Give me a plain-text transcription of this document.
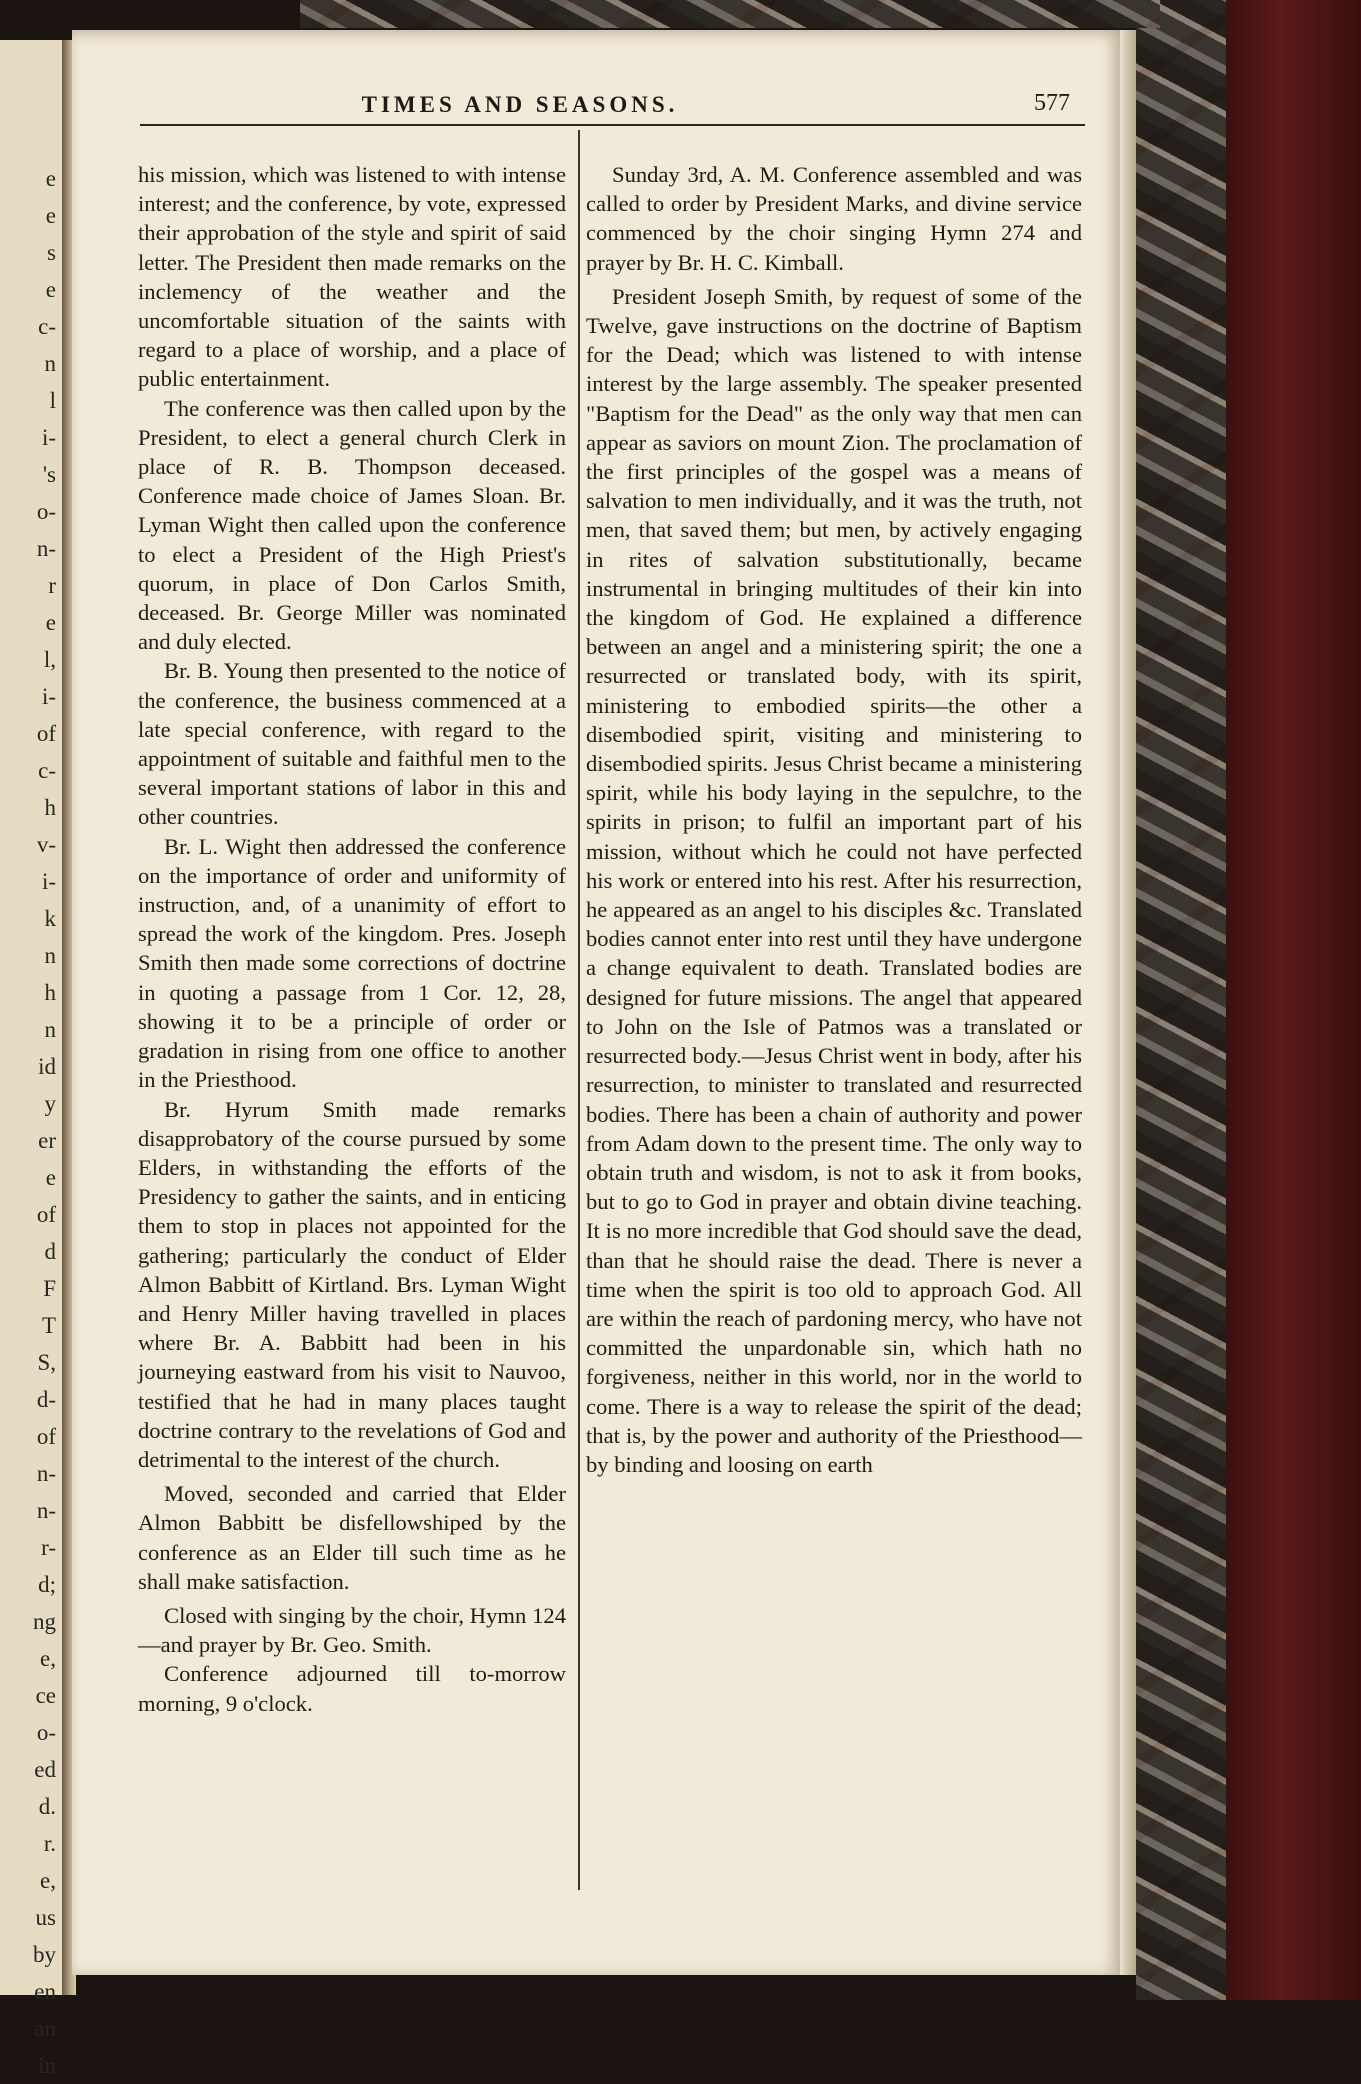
e
e
s
e
c-
n
l
i-
's
o-
n-
r
e
l,
i-
of
c-
h
v-
i-
k
n
h
n
id
y
er
e
of
d
F
T
S,
d-
of
n-
n-
r-
d;
ng
e,
ce
o-
ed
d.
r.
e,
us
by
en
an
in
TIMES AND SEASONS.	577

his mission, which was listened to with intense interest; and the conference, by vote, expressed their approbation of the style and spirit of said letter. The President then made remarks on the inclemency of the weather and the uncomfortable situation of the saints with regard to a place of worship, and a place of public entertainment.

The conference was then called upon by the President, to elect a general church Clerk in place of R. B. Thompson deceased. Conference made choice of James Sloan. Br. Lyman Wight then called upon the conference to elect a President of the High Priest's quorum, in place of Don Carlos Smith, deceased. Br. George Miller was nominated and duly elected.

Br. B. Young then presented to the notice of the conference, the business commenced at a late special conference, with regard to the appointment of suitable and faithful men to the several important stations of labor in this and other countries.

Br. L. Wight then addressed the conference on the importance of order and uniformity of instruction, and, of a unanimity of effort to spread the work of the kingdom. Pres. Joseph Smith then made some corrections of doctrine in quoting a passage from 1 Cor. 12, 28, showing it to be a principle of order or gradation in rising from one office to another in the Priesthood.

Br. Hyrum Smith made remarks disapprobatory of the course pursued by some Elders, in withstanding the efforts of the Presidency to gather the saints, and in enticing them to stop in places not appointed for the gathering; particularly the conduct of Elder Almon Babbitt of Kirtland. Brs. Lyman Wight and Henry Miller having travelled in places where Br. A. Babbitt had been in his journeying eastward from his visit to Nauvoo, testified that he had in many places taught doctrine contrary to the revelations of God and detrimental to the interest of the church.

Moved, seconded and carried that Elder Almon Babbitt be disfellowshiped by the conference as an Elder till such time as he shall make satisfaction.

Closed with singing by the choir, Hymn 124—and prayer by Br. Geo. Smith.

Conference adjourned till to-morrow morning, 9 o'clock.

Sunday 3rd, A. M. Conference assembled and was called to order by President Marks, and divine service commenced by the choir singing Hymn 274 and prayer by Br. H. C. Kimball.

President Joseph Smith, by request of some of the Twelve, gave instructions on the doctrine of Baptism for the Dead; which was listened to with intense interest by the large assembly. The speaker presented "Baptism for the Dead" as the only way that men can appear as saviors on mount Zion. The proclamation of the first principles of the gospel was a means of salvation to men individually, and it was the truth, not men, that saved them; but men, by actively engaging in rites of salvation substitutionally, became instrumental in bringing multitudes of their kin into the kingdom of God. He explained a difference between an angel and a ministering spirit; the one a resurrected or translated body, with its spirit, ministering to embodied spirits—the other a disembodied spirit, visiting and ministering to disembodied spirits. Jesus Christ became a ministering spirit, while his body laying in the sepulchre, to the spirits in prison; to fulfil an important part of his mission, without which he could not have perfected his work or entered into his rest. After his resurrection, he appeared as an angel to his disciples &c. Translated bodies cannot enter into rest until they have undergone a change equivalent to death. Translated bodies are designed for future missions. The angel that appeared to John on the Isle of Patmos was a translated or resurrected body.—Jesus Christ went in body, after his resurrection, to minister to translated and resurrected bodies. There has been a chain of authority and power from Adam down to the present time. The only way to obtain truth and wisdom, is not to ask it from books, but to go to God in prayer and obtain divine teaching. It is no more incredible that God should save the dead, than that he should raise the dead. There is never a time when the spirit is too old to approach God. All are within the reach of pardoning mercy, who have not committed the unpardonable sin, which hath no forgiveness, neither in this world, nor in the world to come. There is a way to release the spirit of the dead; that is, by the power and authority of the Priesthood—by binding and loosing on earth
